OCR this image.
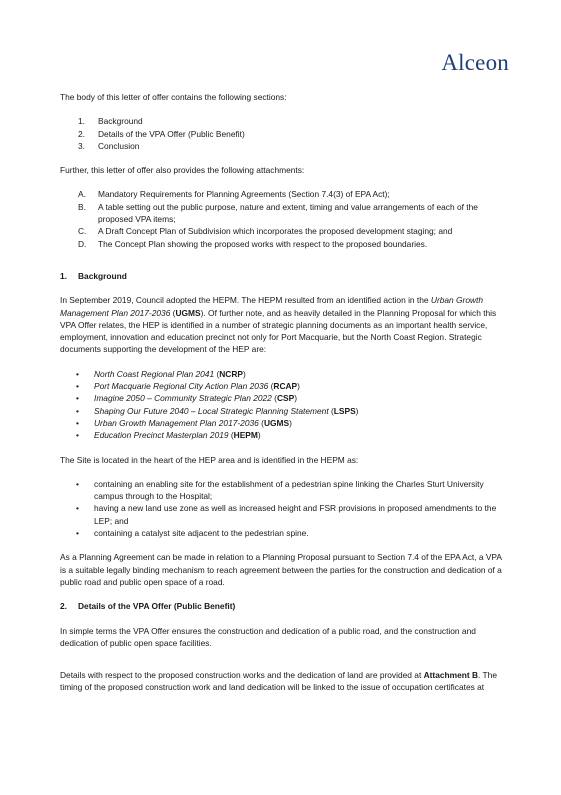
Alceon

The body of this letter of offer contains the following sections:

1.	Background
2.	Details of the VPA Offer (Public Benefit)
3.	Conclusion

Further, this letter of offer also provides the following attachments:

A.	Mandatory Requirements for Planning Agreements (Section 7.4(3) of EPA Act);
B.	A table setting out the public purpose, nature and extent, timing and value arrangements of each of the proposed VPA items;
C.	A Draft Concept Plan of Subdivision which incorporates the proposed development staging; and
D.	The Concept Plan showing the proposed works with respect to the proposed boundaries.
1.	Background

In September 2019, Council adopted the HEPM. The HEPM resulted from an identified action in the Urban Growth Management Plan 2017-2036 (UGMS). Of further note, and as heavily detailed in the Planning Proposal for which this VPA Offer relates, the HEP is identified in a number of strategic planning documents as an important health service, employment, innovation and education precinct not only for Port Macquarie, but the North Coast Region. Strategic documents supporting the development of the HEP are:

•	North Coast Regional Plan 2041 (NCRP)
•	Port Macquarie Regional City Action Plan 2036 (RCAP)
•	Imagine 2050 – Community Strategic Plan 2022 (CSP)
•	Shaping Our Future 2040 – Local Strategic Planning Statement (LSPS)
•	Urban Growth Management Plan 2017-2036 (UGMS)
•	Education Precinct Masterplan 2019 (HEPM)

The Site is located in the heart of the HEP area and is identified in the HEPM as:

•	containing an enabling site for the establishment of a pedestrian spine linking the Charles Sturt University campus through to the Hospital;
•	having a new land use zone as well as increased height and FSR provisions in proposed amendments to the LEP; and
•	containing a catalyst site adjacent to the pedestrian spine.

As a Planning Agreement can be made in relation to a Planning Proposal pursuant to Section 7.4 of the EPA Act, a VPA is a suitable legally binding mechanism to reach agreement between the parties for the construction and dedication of a public road and public open space of a road.

2.	Details of the VPA Offer (Public Benefit)

In simple terms the VPA Offer ensures the construction and dedication of a public road, and the construction and dedication of public open space facilities.

Details with respect to the proposed construction works and the dedication of land are provided at Attachment B. The timing of the proposed construction work and land dedication will be linked to the issue of occupation certificates at
